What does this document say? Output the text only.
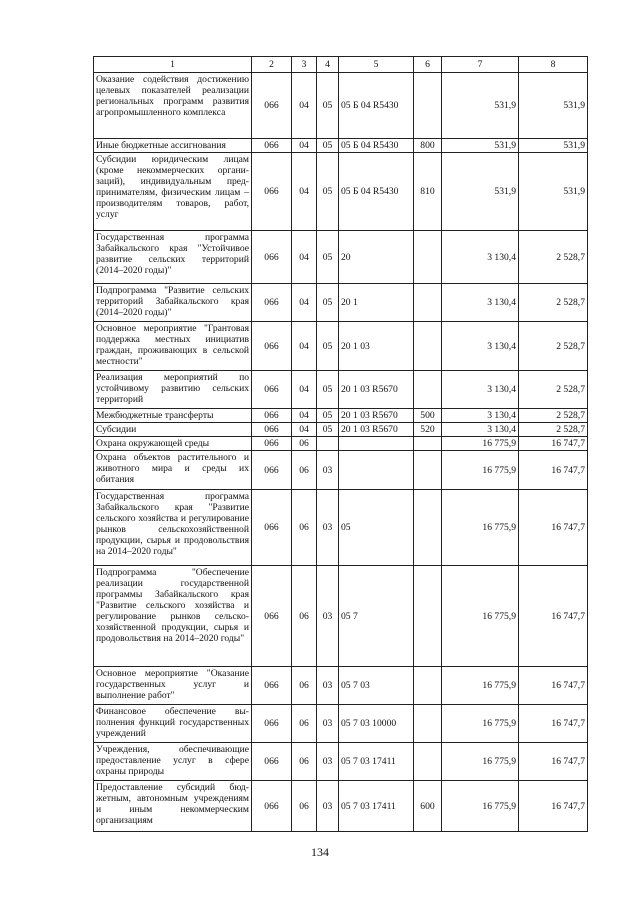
1	2	3	4	5	6	7	8
Оказание содействия достижению целевых показателей реализации региональных программ развития агропромышленного комплекса	066	04	05	05 Б 04 R5430		531,9	531,9
Иные бюджетные ассигнования	066	04	05	05 Б 04 R5430	800	531,9	531,9
Субсидии юридическим лицам (кроме некоммерческих организаций), индивидуальным предпринимателям, физическим лицам – производителям товаров, работ, услуг	066	04	05	05 Б 04 R5430	810	531,9	531,9
Государственная программа Забайкальского края "Устойчивое развитие сельских территорий (2014–2020 годы)"	066	04	05	20		3 130,4	2 528,7
Подпрограмма "Развитие сельских территорий Забайкальского края (2014–2020 годы)"	066	04	05	20 1		3 130,4	2 528,7
Основное мероприятие "Грантовая поддержка местных инициатив граждан, проживающих в сельской местности"	066	04	05	20 1 03		3 130,4	2 528,7
Реализация мероприятий по устойчивому развитию сельских территорий	066	04	05	20 1 03 R5670		3 130,4	2 528,7
Межбюджетные трансферты	066	04	05	20 1 03 R5670	500	3 130,4	2 528,7
Субсидии	066	04	05	20 1 03 R5670	520	3 130,4	2 528,7
Охрана окружающей среды	066	06				16 775,9	16 747,7
Охрана объектов растительного и животного мира и среды их обитания	066	06	03			16 775,9	16 747,7
Государственная программа Забайкальского края "Развитие сельского хозяйства и регулирование рынков сельскохозяйственной продукции, сырья и продовольствия на 2014–2020 годы"	066	06	03	05		16 775,9	16 747,7
Подпрограмма "Обеспечение реализации государственной программы Забайкальского края "Развитие сельского хозяйства и регулирование рынков сельскохозяйственной продукции, сырья и продовольствия на 2014–2020 годы"	066	06	03	05 7		16 775,9	16 747,7
Основное мероприятие "Оказание государственных услуг и выполнение работ"	066	06	03	05 7 03		16 775,9	16 747,7
Финансовое обеспечение выполнения функций государственных учреждений	066	06	03	05 7 03 10000		16 775,9	16 747,7
Учреждения, обеспечивающие предоставление услуг в сфере охраны природы	066	06	03	05 7 03 17411		16 775,9	16 747,7
Предоставление субсидий бюджетным, автономным учреждениям и иным некоммерческим организациям	066	06	03	05 7 03 17411	600	16 775,9	16 747,7
134
